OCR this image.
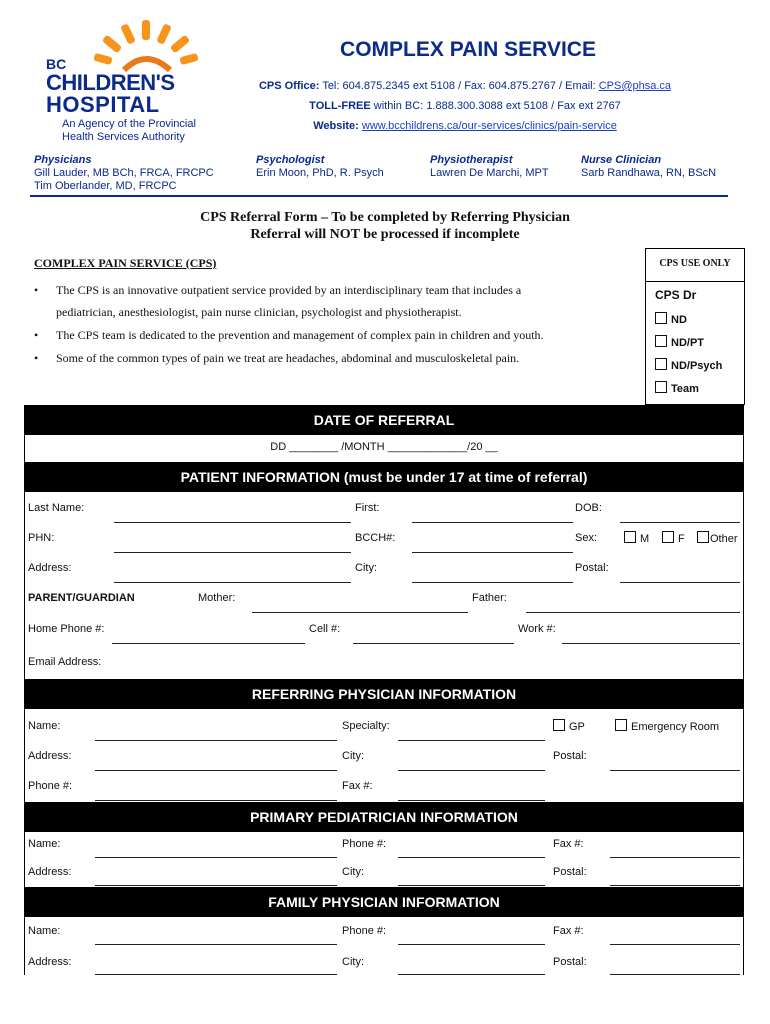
BC
CHILDREN'S
HOSPITAL
An Agency of the Provincial
Health Services Authority
COMPLEX PAIN SERVICE
CPS Office: Tel: 604.875.2345 ext 5108 / Fax: 604.875.2767 / Email: CPS@phsa.ca
TOLL-FREE within BC: 1.888.300.3088 ext 5108 / Fax ext 2767
Website: www.bcchildrens.ca/our-services/clinics/pain-service
Physicians
Gill Lauder, MB BCh, FRCA, FRCPC
Tim Oberlander, MD, FRCPC
Psychologist
Erin Moon, PhD, R. Psych
Physiotherapist
Lawren De Marchi, MPT
Nurse Clinician
Sarb Randhawa, RN, BScN
CPS Referral Form – To be completed by Referring Physician
Referral will NOT be processed if incomplete
COMPLEX PAIN SERVICE (CPS)
• The CPS is an innovative outpatient service provided by an interdisciplinary team that includes a
pediatrician, anesthesiologist, pain nurse clinician, psychologist and physiotherapist.
• The CPS team is dedicated to the prevention and management of complex pain in children and youth.
• Some of the common types of pain we treat are headaches, abdominal and musculoskeletal pain.
CPS USE ONLY
CPS Dr
ND
ND/PT
ND/Psych
Team
DATE OF REFERRAL
DD ________ /MONTH _____________/20 __
PATIENT INFORMATION (must be under 17 at time of referral)
Last Name:	First:	DOB:
PHN:	BCCH#:	Sex:	M	F	Other
Address:	City:	Postal:
PARENT/GUARDIAN	Mother:	Father:
Home Phone #:	Cell #:	Work #:
Email Address:
REFERRING PHYSICIAN INFORMATION
Name:	Specialty:	GP	Emergency Room
Address:	City:	Postal:
Phone #:	Fax #:
PRIMARY PEDIATRICIAN INFORMATION
Name:	Phone #:	Fax #:
Address:	City:	Postal:
FAMILY PHYSICIAN INFORMATION
Name:	Phone #:	Fax #:
Address:	City:	Postal:
